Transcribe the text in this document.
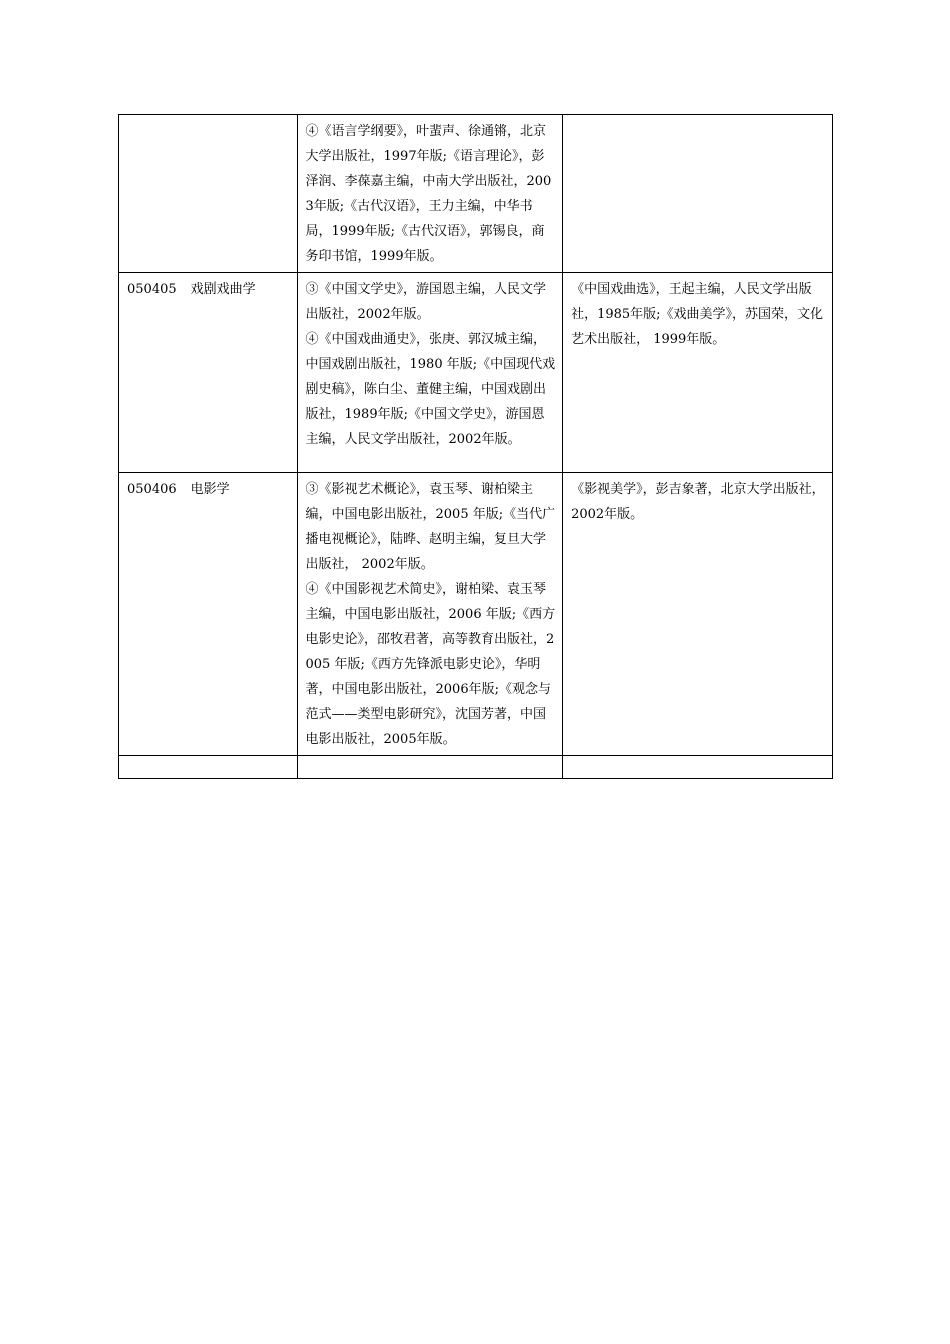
	④《语言学纲要》，叶蜚声、徐通锵，北京大学出版社，1997年版;《语言理论》，彭泽润、李葆嘉主编，中南大学出版社，2003年版;《古代汉语》，王力主编，中华书局，1999年版;《古代汉语》，郭锡良，商务印书馆，1999年版。	

050405 戏剧戏曲学	③《中国文学史》，游国恩主编，人民文学出版社，2002年版。
④《中国戏曲通史》，张庚、郭汉城主编，中国戏剧出版社，1980 年版;《中国现代戏剧史稿》，陈白尘、董健主编，中国戏剧出版社，1989年版;《中国文学史》，游国恩主编，人民文学出版社，2002年版。	《中国戏曲选》，王起主编，人民文学出版社，1985年版;《戏曲美学》，苏国荣，文化艺术出版社， 1999年版。
050406 电影学	③《影视艺术概论》，袁玉琴、谢柏梁主编，中国电影出版社，2005 年版;《当代广播电视概论》，陆晔、赵明主编，复旦大学出版社， 2002年版。
④《中国影视艺术简史》，谢柏梁、袁玉琴主编，中国电影出版社，2006 年版;《西方电影史论》，邵牧君著，高等教育出版社，2005 年版;《西方先锋派电影史论》，华明著，中国电影出版社，2006年版;《观念与范式——类型电影研究》，沈国芳著，中国电影出版社，2005年版。	《影视美学》，彭吉象著，北京大学出版社，2002年版。
